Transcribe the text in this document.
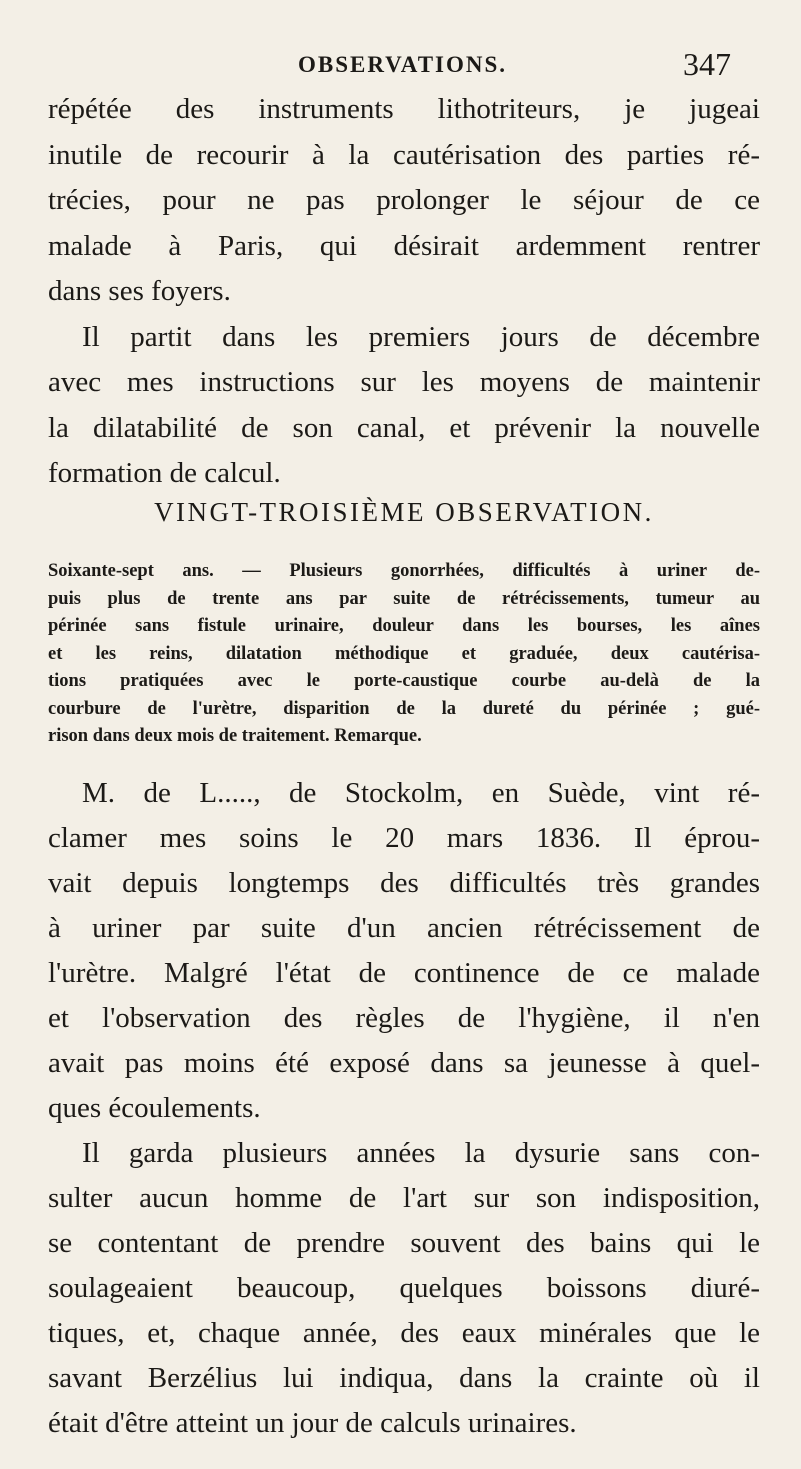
OBSERVATIONS.	347
répétée des instruments lithotriteurs, je jugeai
inutile de recourir à la cautérisation des parties ré-
trécies, pour ne pas prolonger le séjour de ce
malade à Paris, qui désirait ardemment rentrer
dans ses foyers.
Il partit dans les premiers jours de décembre
avec mes instructions sur les moyens de maintenir
la dilatabilité de son canal, et prévenir la nouvelle
formation de calcul.
VINGT-TROISIÈME OBSERVATION.
Soixante-sept ans. — Plusieurs gonorrhées, difficultés à uriner de-
puis plus de trente ans par suite de rétrécissements, tumeur au
périnée sans fistule urinaire, douleur dans les bourses, les aînes
et les reins, dilatation méthodique et graduée, deux cautérisa-
tions pratiquées avec le porte-caustique courbe au-delà de la
courbure de l'urètre, disparition de la dureté du périnée ; gué-
rison dans deux mois de traitement. Remarque.
M. de L....., de Stockolm, en Suède, vint ré-
clamer mes soins le 20 mars 1836. Il éprou-
vait depuis longtemps des difficultés très grandes
à uriner par suite d'un ancien rétrécissement de
l'urètre. Malgré l'état de continence de ce malade
et l'observation des règles de l'hygiène, il n'en
avait pas moins été exposé dans sa jeunesse à quel-
ques écoulements.
Il garda plusieurs années la dysurie sans con-
sulter aucun homme de l'art sur son indisposition,
se contentant de prendre souvent des bains qui le
soulageaient beaucoup, quelques boissons diuré-
tiques, et, chaque année, des eaux minérales que le
savant Berzélius lui indiqua, dans la crainte où il
était d'être atteint un jour de calculs urinaires.
